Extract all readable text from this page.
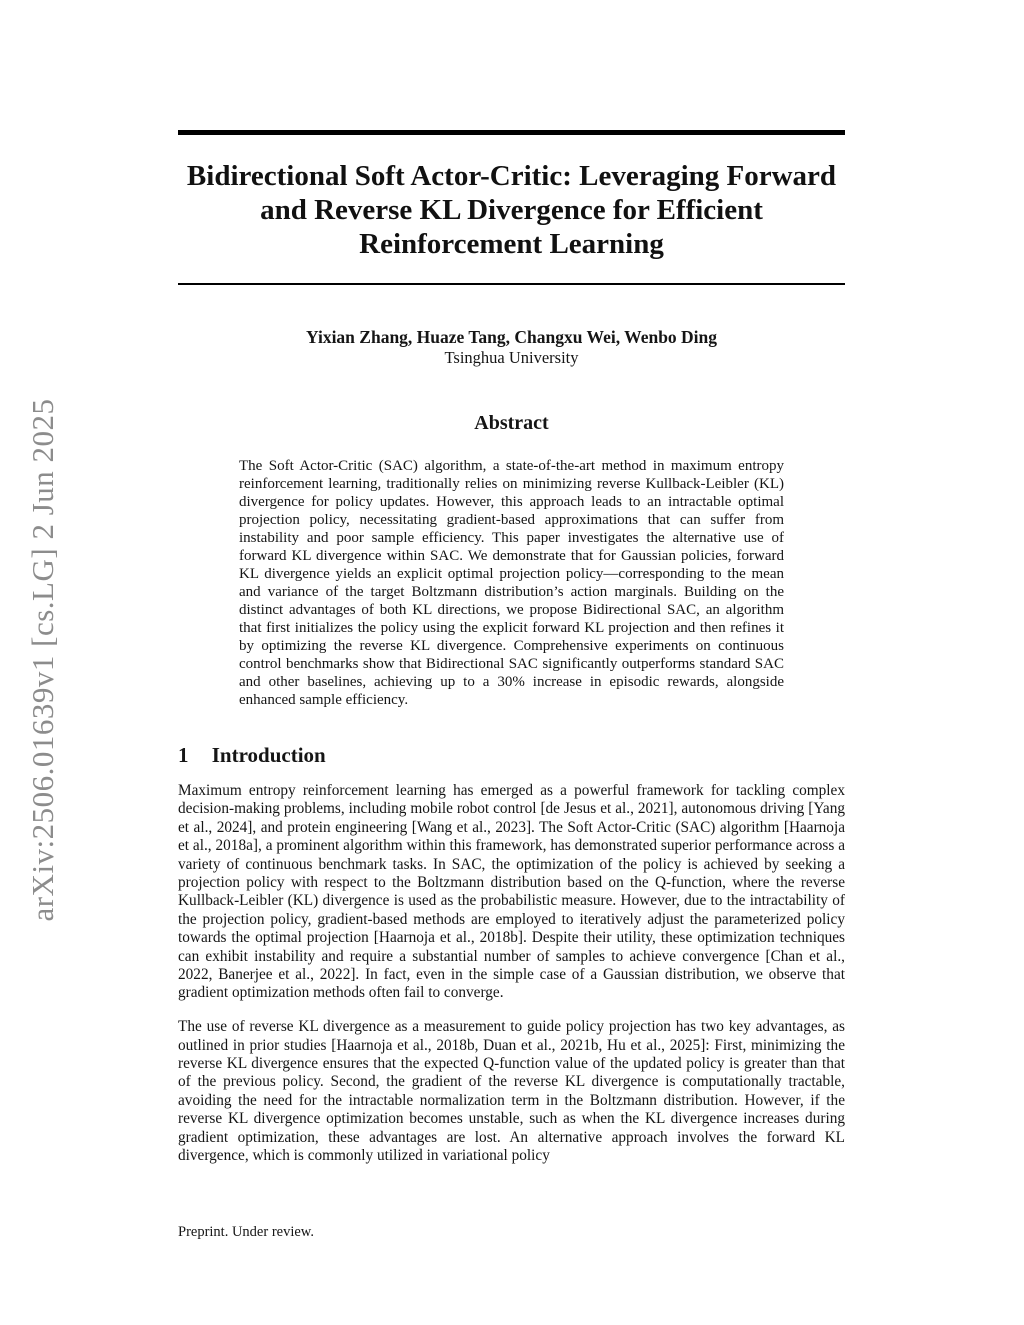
arXiv:2506.01639v1 [cs.LG] 2 Jun 2025
Bidirectional Soft Actor-Critic: Leveraging Forward
and Reverse KL Divergence for Efficient
Reinforcement Learning
Yixian Zhang, Huaze Tang, Changxu Wei, Wenbo Ding
Tsinghua University
Abstract
The Soft Actor-Critic (SAC) algorithm, a state-of-the-art method in maximum entropy reinforcement learning, traditionally relies on minimizing reverse Kullback-Leibler (KL) divergence for policy updates. However, this approach leads to an intractable optimal projection policy, necessitating gradient-based approximations that can suffer from instability and poor sample efficiency. This paper investigates the alternative use of forward KL divergence within SAC. We demonstrate that for Gaussian policies, forward KL divergence yields an explicit optimal projection policy—corresponding to the mean and variance of the target Boltzmann distribution’s action marginals. Building on the distinct advantages of both KL directions, we propose Bidirectional SAC, an algorithm that first initializes the policy using the explicit forward KL projection and then refines it by optimizing the reverse KL divergence. Comprehensive experiments on continuous control benchmarks show that Bidirectional SAC significantly outperforms standard SAC and other baselines, achieving up to a 30% increase in episodic rewards, alongside enhanced sample efficiency.
1 Introduction

Maximum entropy reinforcement learning has emerged as a powerful framework for tackling complex decision-making problems, including mobile robot control [de Jesus et al., 2021], autonomous driving [Yang et al., 2024], and protein engineering [Wang et al., 2023]. The Soft Actor-Critic (SAC) algorithm [Haarnoja et al., 2018a], a prominent algorithm within this framework, has demonstrated superior performance across a variety of continuous benchmark tasks. In SAC, the optimization of the policy is achieved by seeking a projection policy with respect to the Boltzmann distribution based on the Q-function, where the reverse Kullback-Leibler (KL) divergence is used as the probabilistic measure. However, due to the intractability of the projection policy, gradient-based methods are employed to iteratively adjust the parameterized policy towards the optimal projection [Haarnoja et al., 2018b]. Despite their utility, these optimization techniques can exhibit instability and require a substantial number of samples to achieve convergence [Chan et al., 2022, Banerjee et al., 2022]. In fact, even in the simple case of a Gaussian distribution, we observe that gradient optimization methods often fail to converge.

The use of reverse KL divergence as a measurement to guide policy projection has two key advantages, as outlined in prior studies [Haarnoja et al., 2018b, Duan et al., 2021b, Hu et al., 2025]: First, minimizing the reverse KL divergence ensures that the expected Q-function value of the updated policy is greater than that of the previous policy. Second, the gradient of the reverse KL divergence is computationally tractable, avoiding the need for the intractable normalization term in the Boltzmann distribution. However, if the reverse KL divergence optimization becomes unstable, such as when the KL divergence increases during gradient optimization, these advantages are lost. An alternative approach involves the forward KL divergence, which is commonly utilized in variational policy

Preprint. Under review.
